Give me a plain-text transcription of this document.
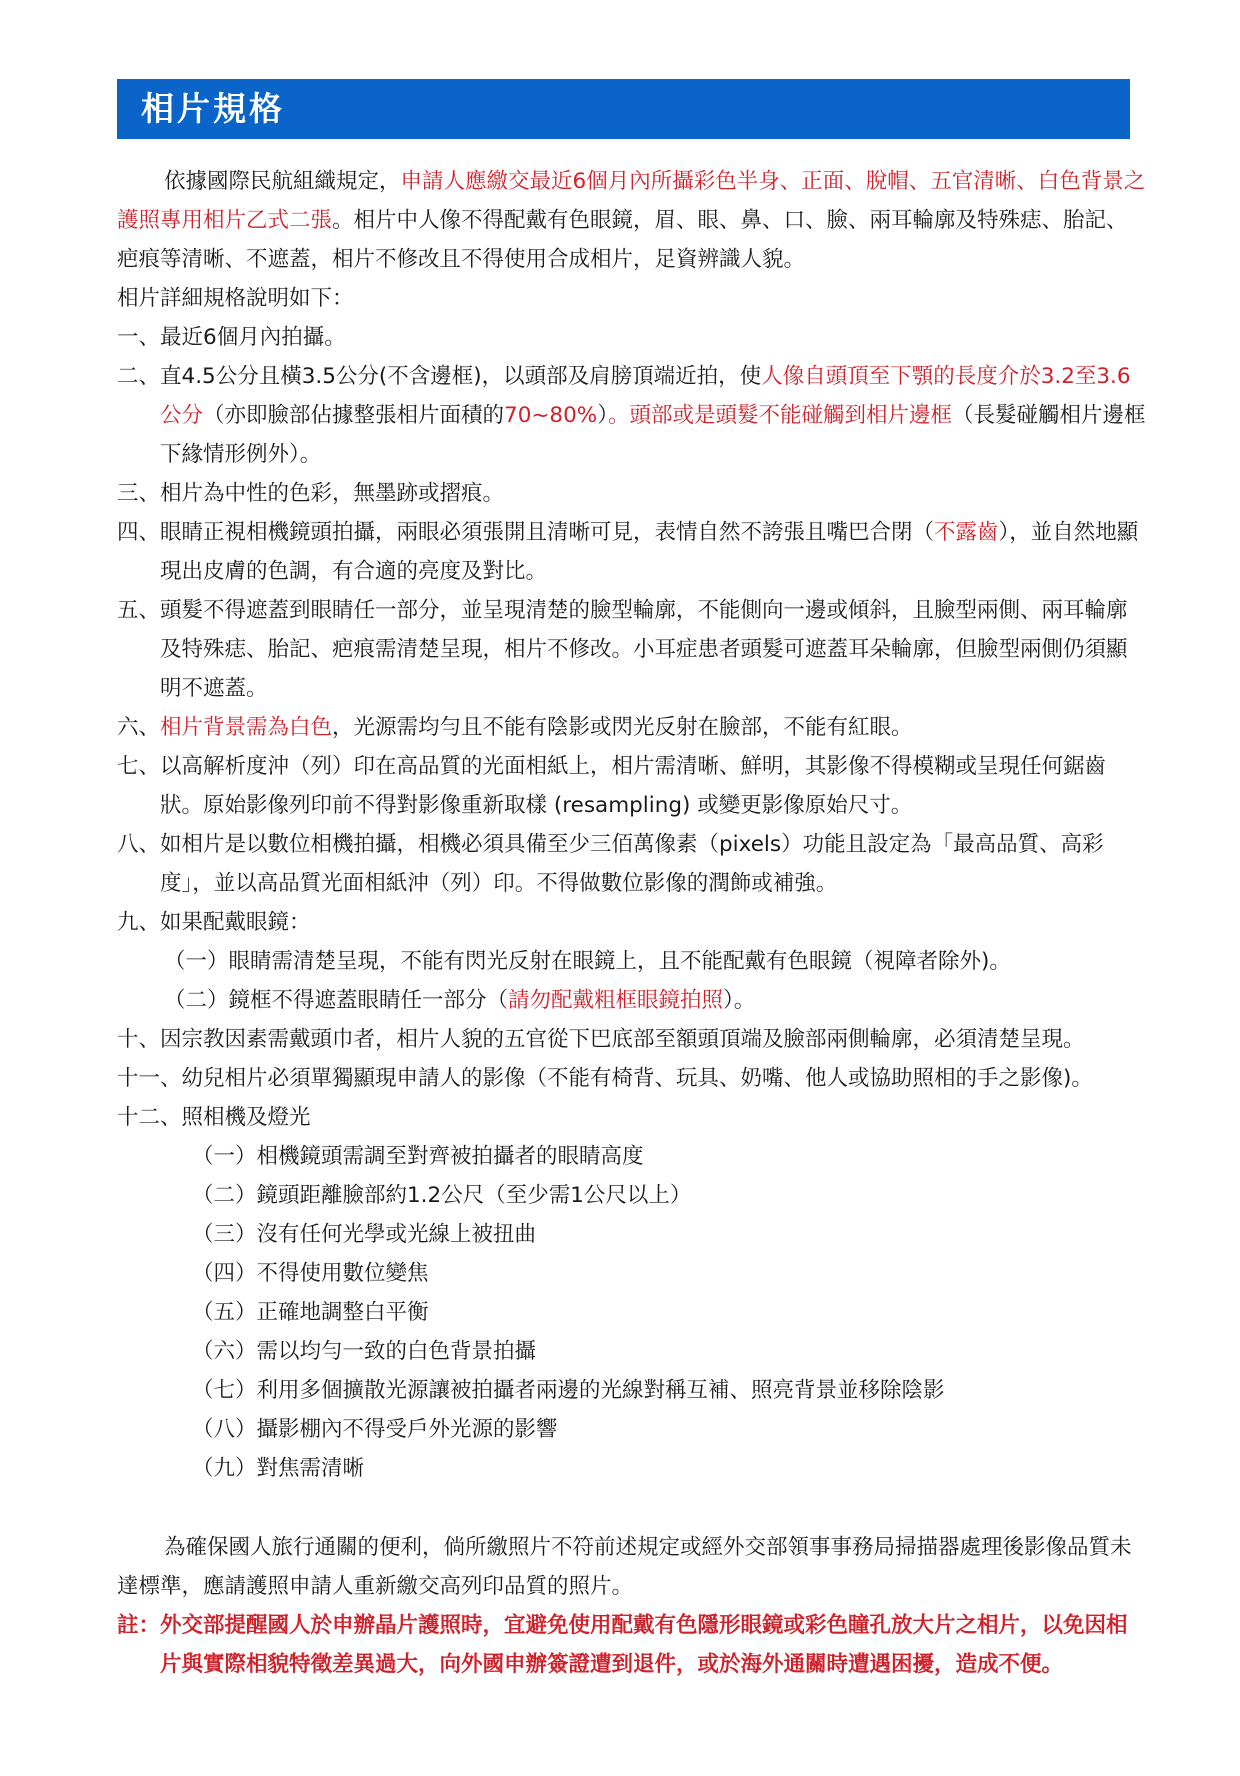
相片規格

依據國際民航組織規定，申請人應繳交最近6個月內所攝彩色半身、正面、脫帽、五官清晰、白色背景之護照專用相片乙式二張。相片中人像不得配戴有色眼鏡，眉、眼、鼻、口、臉、兩耳輪廓及特殊痣、胎記、疤痕等清晰、不遮蓋，相片不修改且不得使用合成相片，足資辨識人貌。

相片詳細規格說明如下：

一、 最近6個月內拍攝。
二、 直4.5公分且橫3.5公分(不含邊框)，以頭部及肩膀頂端近拍，使人像自頭頂至下顎的長度介於3.2至3.6公分（亦即臉部佔據整張相片面積的70~80%）。頭部或是頭髮不能碰觸到相片邊框（長髮碰觸相片邊框下緣情形例外）。
三、 相片為中性的色彩，無墨跡或摺痕。
四、 眼睛正視相機鏡頭拍攝，兩眼必須張開且清晰可見，表情自然不誇張且嘴巴合閉（不露齒），並自然地顯現出皮膚的色調，有合適的亮度及對比。
五、 頭髮不得遮蓋到眼睛任一部分，並呈現清楚的臉型輪廓，不能側向一邊或傾斜，且臉型兩側、兩耳輪廓及特殊痣、胎記、疤痕需清楚呈現，相片不修改。小耳症患者頭髮可遮蓋耳朵輪廓，但臉型兩側仍須顯明不遮蓋。
六、 相片背景需為白色，光源需均勻且不能有陰影或閃光反射在臉部，不能有紅眼。
七、 以高解析度沖（列）印在高品質的光面相紙上，相片需清晰、鮮明，其影像不得模糊或呈現任何鋸齒狀。原始影像列印前不得對影像重新取樣 (resampling) 或變更影像原始尺寸。
八、 如相片是以數位相機拍攝，相機必須具備至少三佰萬像素（pixels）功能且設定為「最高品質、高彩度」，並以高品質光面相紙沖（列）印。不得做數位影像的潤飾或補強。
九、 如果配戴眼鏡：

（一）眼睛需清楚呈現，不能有閃光反射在眼鏡上，且不能配戴有色眼鏡（視障者除外)。

（二）鏡框不得遮蓋眼睛任一部分（請勿配戴粗框眼鏡拍照）。

十、 因宗教因素需戴頭巾者，相片人貌的五官從下巴底部至額頭頂端及臉部兩側輪廓，必須清楚呈現。
十一、 幼兒相片必須單獨顯現申請人的影像（不能有椅背、玩具、奶嘴、他人或協助照相的手之影像)。
十二、 照相機及燈光

（一）相機鏡頭需調至對齊被拍攝者的眼睛高度

（二）鏡頭距離臉部約1.2公尺（至少需1公尺以上）

（三）沒有任何光學或光線上被扭曲

（四）不得使用數位變焦

（五）正確地調整白平衡

（六）需以均勻一致的白色背景拍攝

（七）利用多個擴散光源讓被拍攝者兩邊的光線對稱互補、照亮背景並移除陰影

（八）攝影棚內不得受戶外光源的影響

（九）對焦需清晰

為確保國人旅行通關的便利，倘所繳照片不符前述規定或經外交部領事事務局掃描器處理後影像品質未達標準，應請護照申請人重新繳交高列印品質的照片。

註： 外交部提醒國人於申辦晶片護照時，宜避免使用配戴有色隱形眼鏡或彩色瞳孔放大片之相片，以免因相片與實際相貌特徵差異過大，向外國申辦簽證遭到退件，或於海外通關時遭遇困擾，造成不便。
